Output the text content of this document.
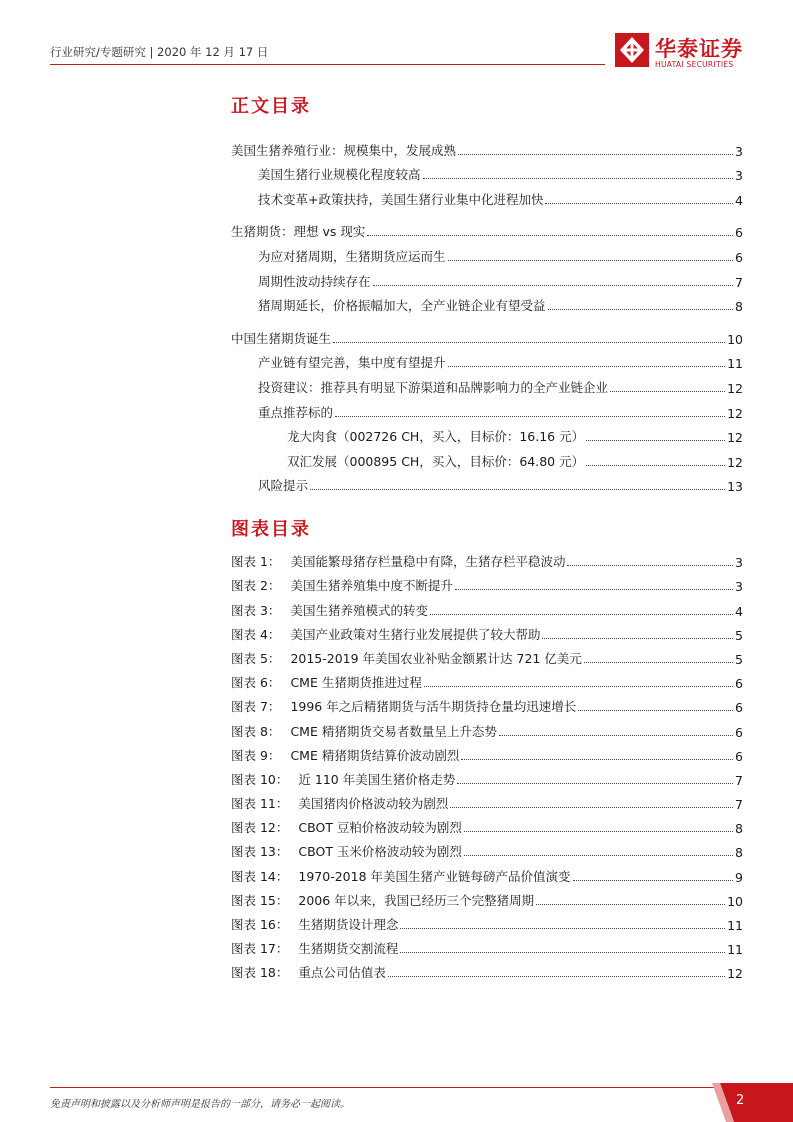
行业研究/专题研究 | 2020 年 12 月 17 日	华泰证券
HUATAI SECURITIES
正文目录
美国生猪养殖行业：规模集中，发展成熟	3
美国生猪行业规模化程度较高	3
技术变革+政策扶持，美国生猪行业集中化进程加快	4
生猪期货：理想 vs 现实	6
为应对猪周期，生猪期货应运而生	6
周期性波动持续存在	7
猪周期延长，价格振幅加大，全产业链企业有望受益	8
中国生猪期货诞生	10
产业链有望完善，集中度有望提升	11
投资建议：推荐具有明显下游渠道和品牌影响力的全产业链企业	12
重点推荐标的	12
龙大肉食（002726 CH，买入，目标价：16.16 元）	12
双汇发展（000895 CH，买入，目标价：64.80 元）	12
风险提示	13
图表目录
图表 1： 美国能繁母猪存栏量稳中有降，生猪存栏平稳波动	3
图表 2： 美国生猪养殖集中度不断提升	3
图表 3： 美国生猪养殖模式的转变	4
图表 4： 美国产业政策对生猪行业发展提供了较大帮助	5
图表 5： 2015-2019 年美国农业补贴金额累计达 721 亿美元	5
图表 6： CME 生猪期货推进过程	6
图表 7： 1996 年之后精猪期货与活牛期货持仓量均迅速增长	6
图表 8： CME 精猪期货交易者数量呈上升态势	6
图表 9： CME 精猪期货结算价波动剧烈	6
图表 10： 近 110 年美国生猪价格走势	7
图表 11： 美国猪肉价格波动较为剧烈	7
图表 12： CBOT 豆粕价格波动较为剧烈	8
图表 13： CBOT 玉米价格波动较为剧烈	8
图表 14： 1970-2018 年美国生猪产业链每磅产品价值演变	9
图表 15： 2006 年以来，我国已经历三个完整猪周期	10
图表 16： 生猪期货设计理念	11
图表 17： 生猪期货交割流程	11
图表 18： 重点公司估值表	12
免责声明和披露以及分析师声明是报告的一部分，请务必一起阅读。	2
